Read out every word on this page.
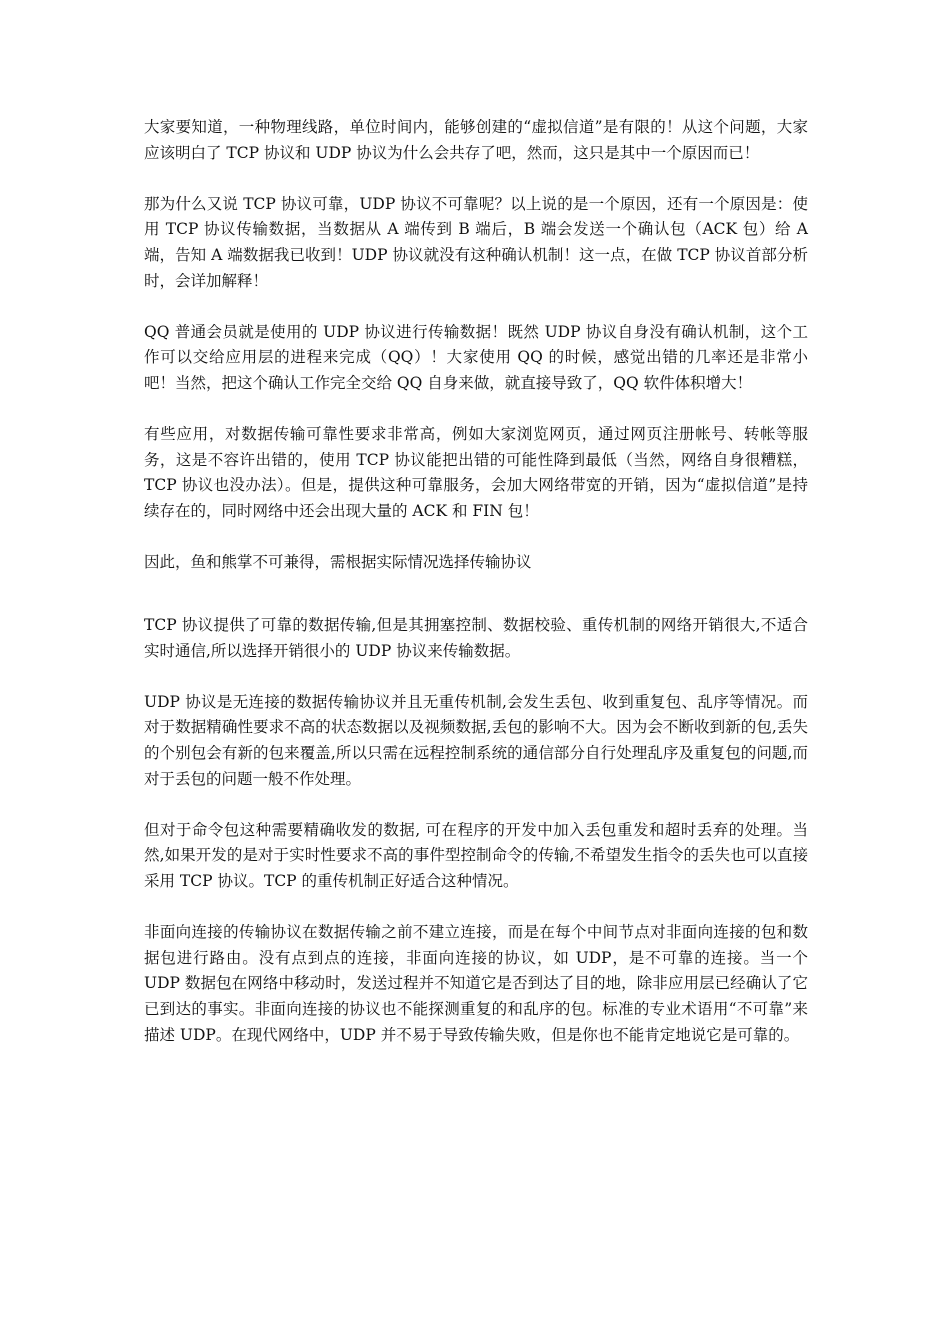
大家要知道，一种物理线路，单位时间内，能够创建的“虚拟信道”是有限的！从这个问题，大家应该明白了 TCP 协议和 UDP 协议为什么会共存了吧，然而，这只是其中一个原因而已！

那为什么又说 TCP 协议可靠，UDP 协议不可靠呢？以上说的是一个原因，还有一个原因是：使用 TCP 协议传输数据，当数据从 A 端传到 B 端后，B 端会发送一个确认包（ACK 包）给 A 端，告知 A 端数据我已收到！UDP 协议就没有这种确认机制！这一点，在做 TCP 协议首部分析时，会详加解释！

QQ 普通会员就是使用的 UDP 协议进行传输数据！既然 UDP 协议自身没有确认机制，这个工作可以交给应用层的进程来完成（QQ）！大家使用 QQ 的时候，感觉出错的几率还是非常小吧！当然，把这个确认工作完全交给 QQ 自身来做，就直接导致了，QQ 软件体积增大！

有些应用，对数据传输可靠性要求非常高，例如大家浏览网页，通过网页注册帐号、转帐等服务，这是不容许出错的，使用 TCP 协议能把出错的可能性降到最低（当然，网络自身很糟糕，TCP 协议也没办法）。但是，提供这种可靠服务，会加大网络带宽的开销，因为“虚拟信道”是持续存在的，同时网络中还会出现大量的 ACK 和 FIN 包！

因此，鱼和熊掌不可兼得，需根据实际情况选择传输协议

TCP 协议提供了可靠的数据传输,但是其拥塞控制、数据校验、重传机制的网络开销很大,不适合实时通信,所以选择开销很小的 UDP 协议来传输数据。

UDP 协议是无连接的数据传输协议并且无重传机制,会发生丢包、收到重复包、乱序等情况。而对于数据精确性要求不高的状态数据以及视频数据,丢包的影响不大。因为会不断收到新的包,丢失的个别包会有新的包来覆盖,所以只需在远程控制系统的通信部分自行处理乱序及重复包的问题,而对于丢包的问题一般不作处理。

但对于命令包这种需要精确收发的数据, 可在程序的开发中加入丢包重发和超时丢弃的处理。当然,如果开发的是对于实时性要求不高的事件型控制命令的传输,不希望发生指令的丢失也可以直接采用 TCP 协议。TCP 的重传机制正好适合这种情况。

非面向连接的传输协议在数据传输之前不建立连接，而是在每个中间节点对非面向连接的包和数据包进行路由。没有点到点的连接，非面向连接的协议，如 UDP，是不可靠的连接。当一个 UDP 数据包在网络中移动时，发送过程并不知道它是否到达了目的地，除非应用层已经确认了它已到达的事实。非面向连接的协议也不能探测重复的和乱序的包。标准的专业术语用“不可靠”来描述 UDP。在现代网络中，UDP 并不易于导致传输失败，但是你也不能肯定地说它是可靠的。
